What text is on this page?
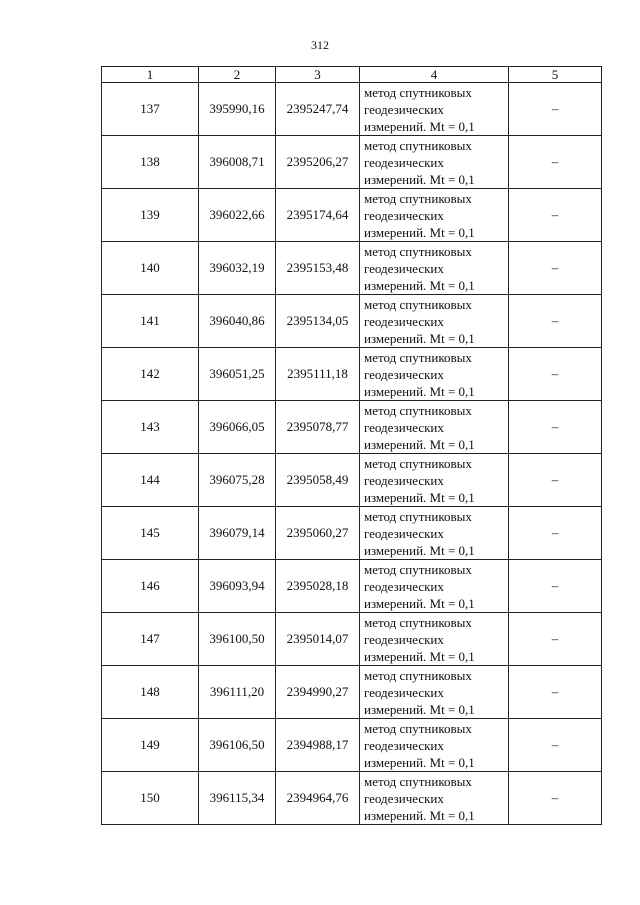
312
1	2	3	4	5
137	395990,16	2395247,74	метод спутниковых
геодезических
измерений. Mt = 0,1	–
138	396008,71	2395206,27	метод спутниковых
геодезических
измерений. Mt = 0,1	–
139	396022,66	2395174,64	метод спутниковых
геодезических
измерений. Mt = 0,1	–
140	396032,19	2395153,48	метод спутниковых
геодезических
измерений. Mt = 0,1	–
141	396040,86	2395134,05	метод спутниковых
геодезических
измерений. Mt = 0,1	–
142	396051,25	2395111,18	метод спутниковых
геодезических
измерений. Mt = 0,1	–
143	396066,05	2395078,77	метод спутниковых
геодезических
измерений. Mt = 0,1	–
144	396075,28	2395058,49	метод спутниковых
геодезических
измерений. Mt = 0,1	–
145	396079,14	2395060,27	метод спутниковых
геодезических
измерений. Mt = 0,1	–
146	396093,94	2395028,18	метод спутниковых
геодезических
измерений. Mt = 0,1	–
147	396100,50	2395014,07	метод спутниковых
геодезических
измерений. Mt = 0,1	–
148	396111,20	2394990,27	метод спутниковых
геодезических
измерений. Mt = 0,1	–
149	396106,50	2394988,17	метод спутниковых
геодезических
измерений. Mt = 0,1	–
150	396115,34	2394964,76	метод спутниковых
геодезических
измерений. Mt = 0,1	–
